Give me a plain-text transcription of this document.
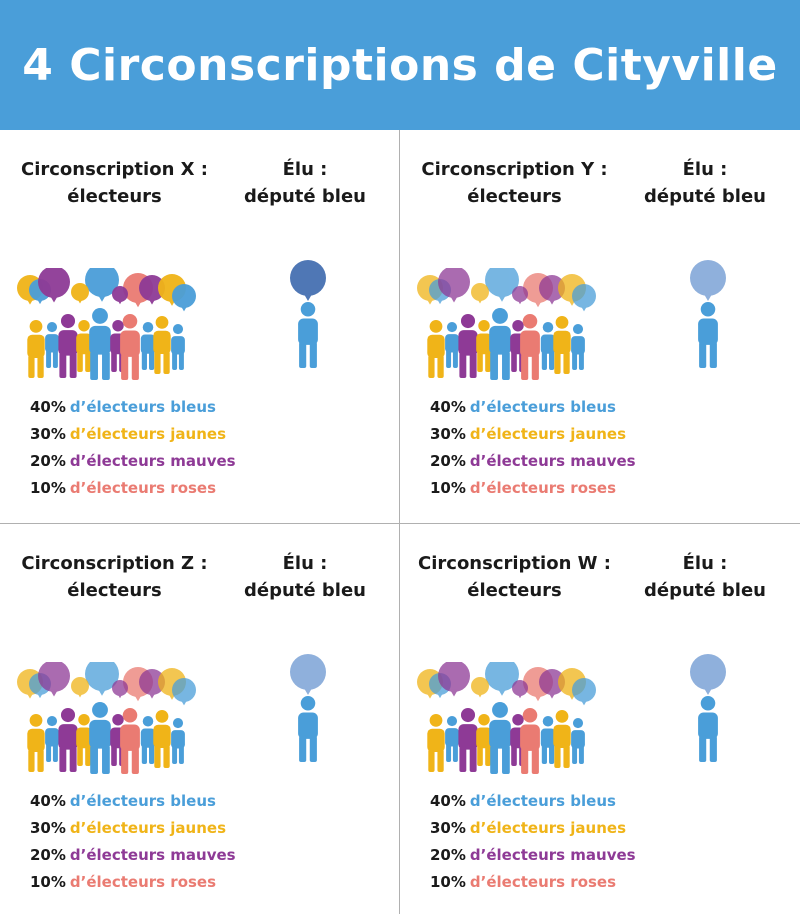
4 Circonscriptions de Cityville
Circonscription X :
électeurs
Élu :
député bleu
40% d’électeurs bleus
30% d’électeurs jaunes
20% d’électeurs mauves
10% d’électeurs roses
Circonscription Y :
électeurs
Élu :
député bleu
40% d’électeurs bleus
30% d’électeurs jaunes
20% d’électeurs mauves
10% d’électeurs roses
Circonscription Z :
électeurs
Élu :
député bleu
40% d’électeurs bleus
30% d’électeurs jaunes
20% d’électeurs mauves
10% d’électeurs roses
Circonscription W :
électeurs
Élu :
député bleu
40% d’électeurs bleus
30% d’électeurs jaunes
20% d’électeurs mauves
10% d’électeurs roses
